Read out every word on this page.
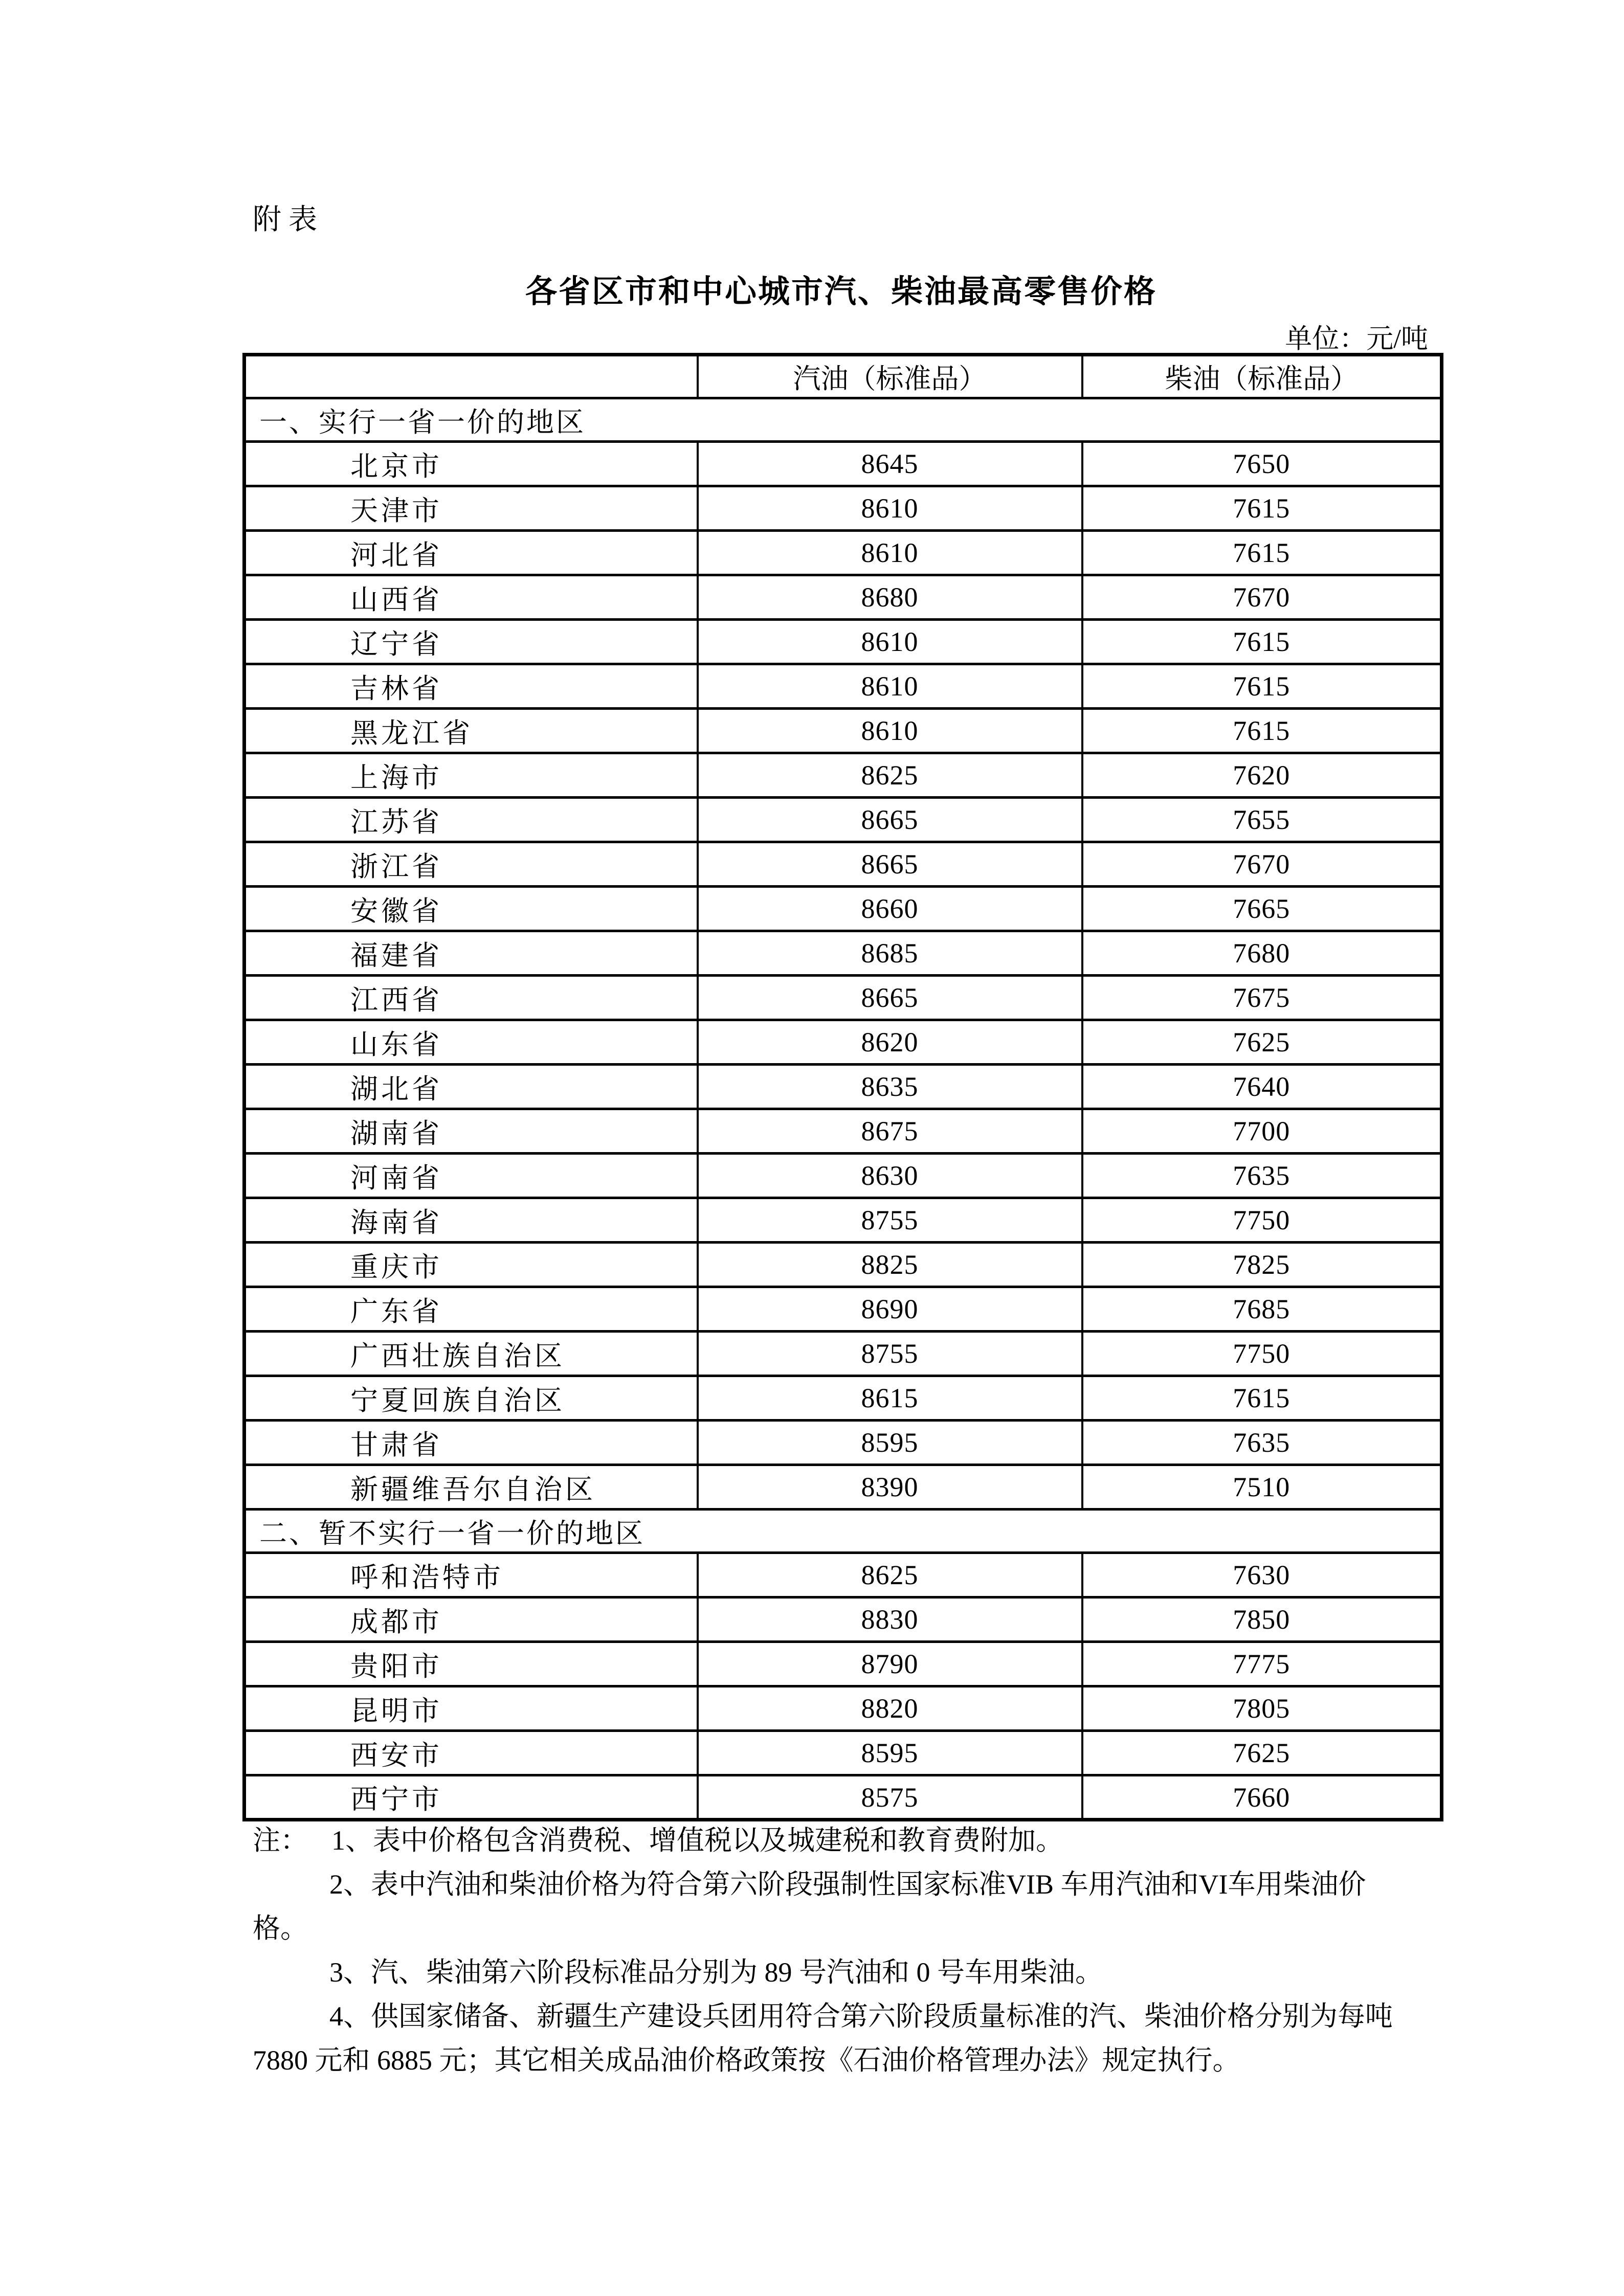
附表
各省区市和中心城市汽、柴油最高零售价格
单位：元/吨
	汽油（标准品）	柴油（标准品）
一、实行一省一价的地区		
北京市	8645	7650
天津市	8610	7615
河北省	8610	7615
山西省	8680	7670
辽宁省	8610	7615
吉林省	8610	7615
黑龙江省	8610	7615
上海市	8625	7620
江苏省	8665	7655
浙江省	8665	7670
安徽省	8660	7665
福建省	8685	7680
江西省	8665	7675
山东省	8620	7625
湖北省	8635	7640
湖南省	8675	7700
河南省	8630	7635
海南省	8755	7750
重庆市	8825	7825
广东省	8690	7685
广西壮族自治区	8755	7750
宁夏回族自治区	8615	7615
甘肃省	8595	7635
新疆维吾尔自治区	8390	7510
二、暂不实行一省一价的地区		
呼和浩特市	8625	7630
成都市	8830	7850
贵阳市	8790	7775
昆明市	8820	7805
西安市	8595	7625
西宁市	8575	7660

注： 1、表中价格包含消费税、增值税以及城建税和教育费附加。

2、表中汽油和柴油价格为符合第六阶段强制性国家标准VIB 车用汽油和VI车用柴油价格。

3、汽、柴油第六阶段标准品分别为 89 号汽油和 0 号车用柴油。

4、供国家储备、新疆生产建设兵团用符合第六阶段质量标准的汽、柴油价格分别为每吨 7880 元和 6885 元；其它相关成品油价格政策按《石油价格管理办法》规定执行。
